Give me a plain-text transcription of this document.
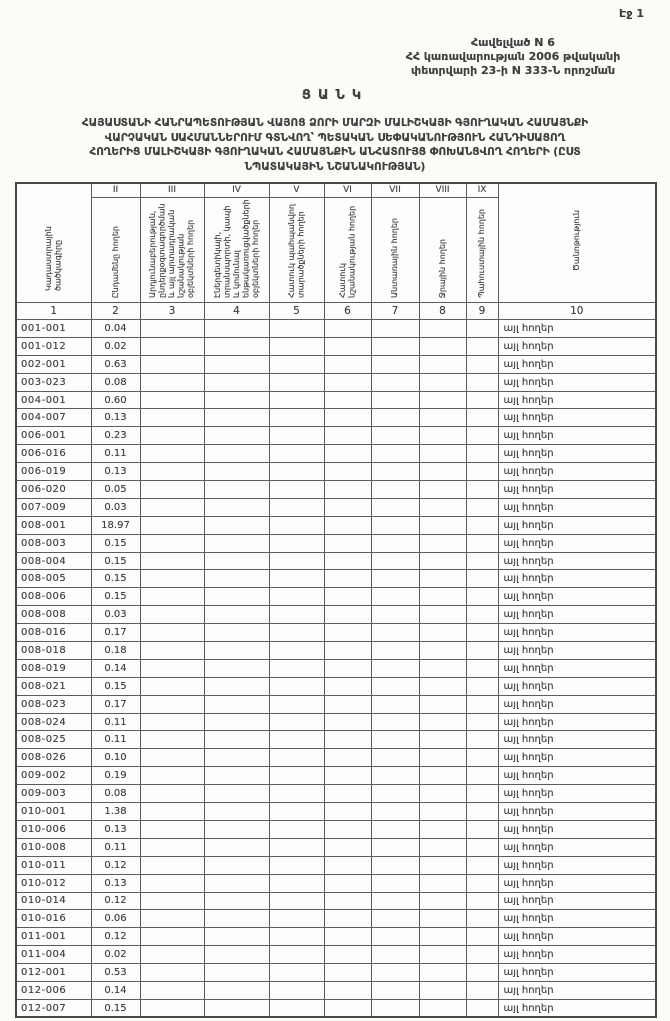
Էջ 1
Հավելված N 6
ՀՀ կառավարության 2006 թվականի
փետրվարի 23-ի N 333-Ն որոշման
ՑԱՆԿ
ՀԱՅԱՍՏԱՆԻ ՀԱՆՐԱՊԵՏՈՒԹՅԱՆ ՎԱՅՈՑ ՁՈՐԻ ՄԱՐԶԻ ՄԱԼԻՇԿԱՅԻ ԳՅՈՒՂԱԿԱՆ ՀԱՄԱՅՆՔԻ
ՎԱՐՉԱԿԱՆ ՍԱՀՄԱՆՆԵՐՈՒՄ ԳՏՆՎՈՂ՝ ՊԵՏԱԿԱՆ ՍԵՓԱԿԱՆՈՒԹՅՈՒՆ ՀԱՆԴԻՍԱՑՈՂ
ՀՈՂԵՐԻՑ ՄԱԼԻՇԿԱՅԻ ԳՅՈՒՂԱԿԱՆ ՀԱՄԱՅՆՔԻՆ ԱՆՀԱՏՈՒՅՑ ՓՈԽԱՆՑՎՈՂ ՀՈՂԵՐԻ (ԸՍՏ
ՆՊԱՏԱԿԱՅԻՆ ՆՇԱՆԱԿՈՒԹՅԱՆ)
Կադաստրային ծածկագիրը	II	III	IV	V	VI	VII	VIII	IX	Ծանոթություն
	Ընդամենը հողեր	Արդյունաբերության, ընդերքօգտագործման և այլ արտադրական նշանակության օբյեկտների հողեր	Էներգետիկայի, տրանսպորտի, կապի և կոմունալ ենթակառուցվածքների օբյեկտների հողեր	Հատուկ պահպանվող տարածքների հողեր	Հատուկ նշանակության հողեր	Անտառային հողեր	Ջրային հողեր	Պահուստային հողեր	
1	2	3	4	5	6	7	8	9	10
001-001	0.04								այլ հողեր
001-012	0.02								այլ հողեր
002-001	0.63								այլ հողեր
003-023	0.08								այլ հողեր
004-001	0.60								այլ հողեր
004-007	0.13								այլ հողեր
006-001	0.23								այլ հողեր
006-016	0.11								այլ հողեր
006-019	0.13								այլ հողեր
006-020	0.05								այլ հողեր
007-009	0.03								այլ հողեր
008-001	18.97								այլ հողեր
008-003	0.15								այլ հողեր
008-004	0.15								այլ հողեր
008-005	0.15								այլ հողեր
008-006	0.15								այլ հողեր
008-008	0.03								այլ հողեր
008-016	0.17								այլ հողեր
008-018	0.18								այլ հողեր
008-019	0.14								այլ հողեր
008-021	0.15								այլ հողեր
008-023	0.17								այլ հողեր
008-024	0.11								այլ հողեր
008-025	0.11								այլ հողեր
008-026	0.10								այլ հողեր
009-002	0.19								այլ հողեր
009-003	0.08								այլ հողեր
010-001	1.38								այլ հողեր
010-006	0.13								այլ հողեր
010-008	0.11								այլ հողեր
010-011	0.12								այլ հողեր
010-012	0.13								այլ հողեր
010-014	0.12								այլ հողեր
010-016	0.06								այլ հողեր
011-001	0.12								այլ հողեր
011-004	0.02								այլ հողեր
012-001	0.53								այլ հողեր
012-006	0.14								այլ հողեր
012-007	0.15								այլ հողեր
